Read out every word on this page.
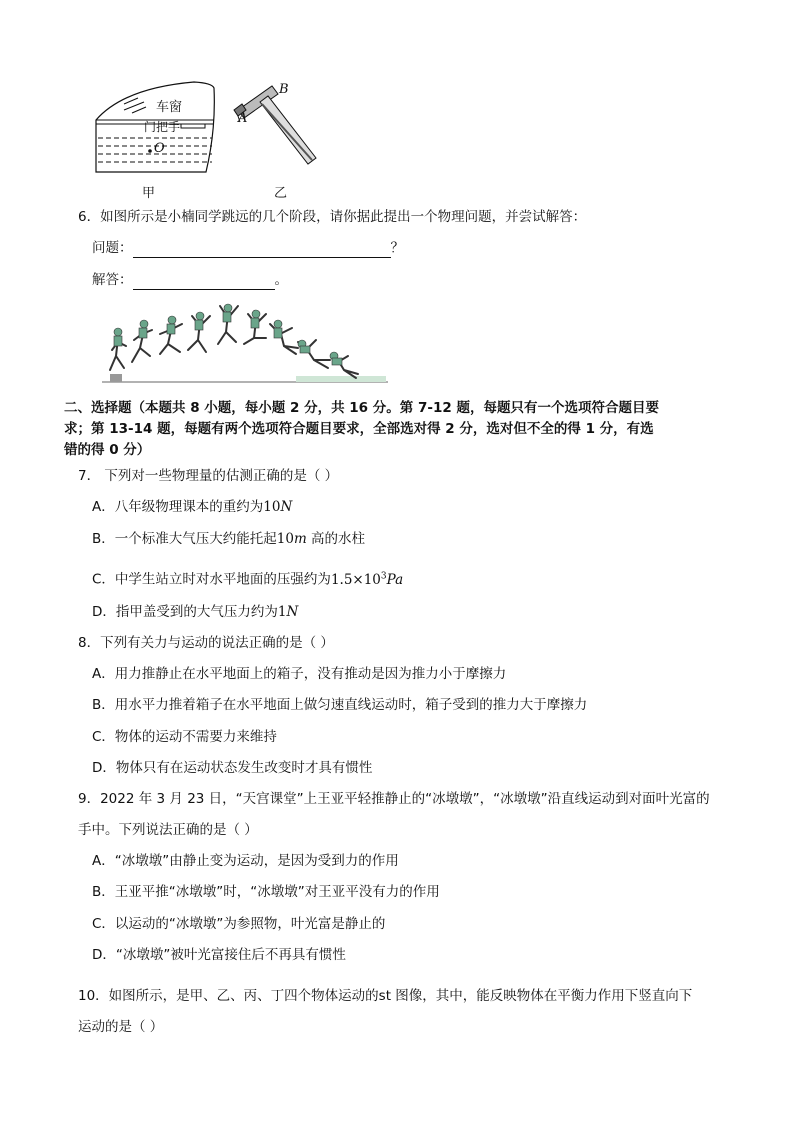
车窗
门把手
O
甲
B
A
乙
6．如图所示是小楠同学跳远的几个阶段，请你据此提出一个物理问题，并尝试解答：
问题：	？
解答：	。
二、选择题（本题共 8 小题，每小题 2 分，共 16 分。第 7-12 题，每题只有一个选项符合题目要
求；第 13-14 题，每题有两个选项符合题目要求，全部选对得 2 分，选对但不全的得 1 分，有选
错的得 0 分）
7． 下列对一些物理量的估测正确的是（ ）
A．八年级物理课本的重约为10N
B．一个标准大气压大约能托起10m 高的水柱
C．中学生站立时对水平地面的压强约为$1.5\times 10^3Pa$
D．指甲盖受到的大气压力约为1N
8．下列有关力与运动的说法正确的是（ ）
A．用力推静止在水平地面上的箱子，没有推动是因为推力小于摩擦力
B．用水平力推着箱子在水平地面上做匀速直线运动时，箱子受到的推力大于摩擦力
C．物体的运动不需要力来维持
D．物体只有在运动状态发生改变时才具有惯性
9．2022 年 3 月 23 日，“天宫课堂”上王亚平轻推静止的“冰墩墩”，“冰墩墩”沿直线运动到对面叶光富的
手中。下列说法正确的是（ ）
A．“冰墩墩”由静止变为运动，是因为受到力的作用
B．王亚平推“冰墩墩”时，“冰墩墩”对王亚平没有力的作用
C．以运动的“冰墩墩”为参照物，叶光富是静止的
D．“冰墩墩”被叶光富接住后不再具有惯性
10．如图所示，是甲、乙、丙、丁四个物体运动的st 图像，其中，能反映物体在平衡力作用下竖直向下
运动的是（ ）
